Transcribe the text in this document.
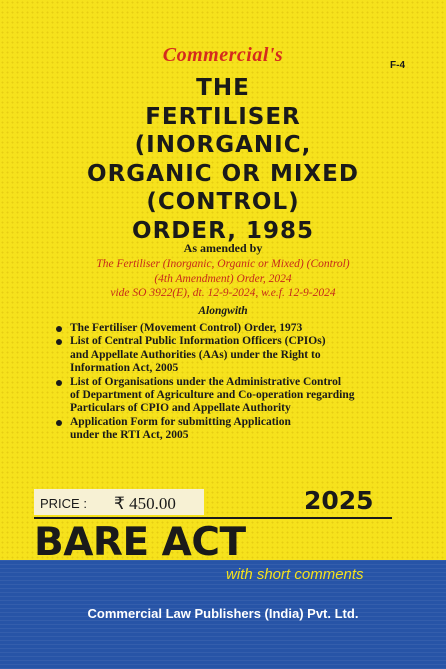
Commercial's	F-4
THE
FERTILISER
(INORGANIC,
ORGANIC OR MIXED
(CONTROL)
ORDER, 1985
As amended by
The Fertiliser (Inorganic, Organic or Mixed) (Control)
(4th Amendment) Order, 2024
vide SO 3922(E), dt. 12-9-2024, w.e.f. 12-9-2024
Alongwith
The Fertiliser (Movement Control) Order, 1973
List of Central Public Information Officers (CPIOs)
and Appellate Authorities (AAs) under the Right to
Information Act, 2005
List of Organisations under the Administrative Control
of Department of Agriculture and Co-operation regarding
Particulars of CPIO and Appellate Authority
Application Form for submitting Application
under the RTI Act, 2005
PRICE : ₹ 450.00	2025
BARE ACT
with short comments
Commercial Law Publishers (India) Pvt. Ltd.
